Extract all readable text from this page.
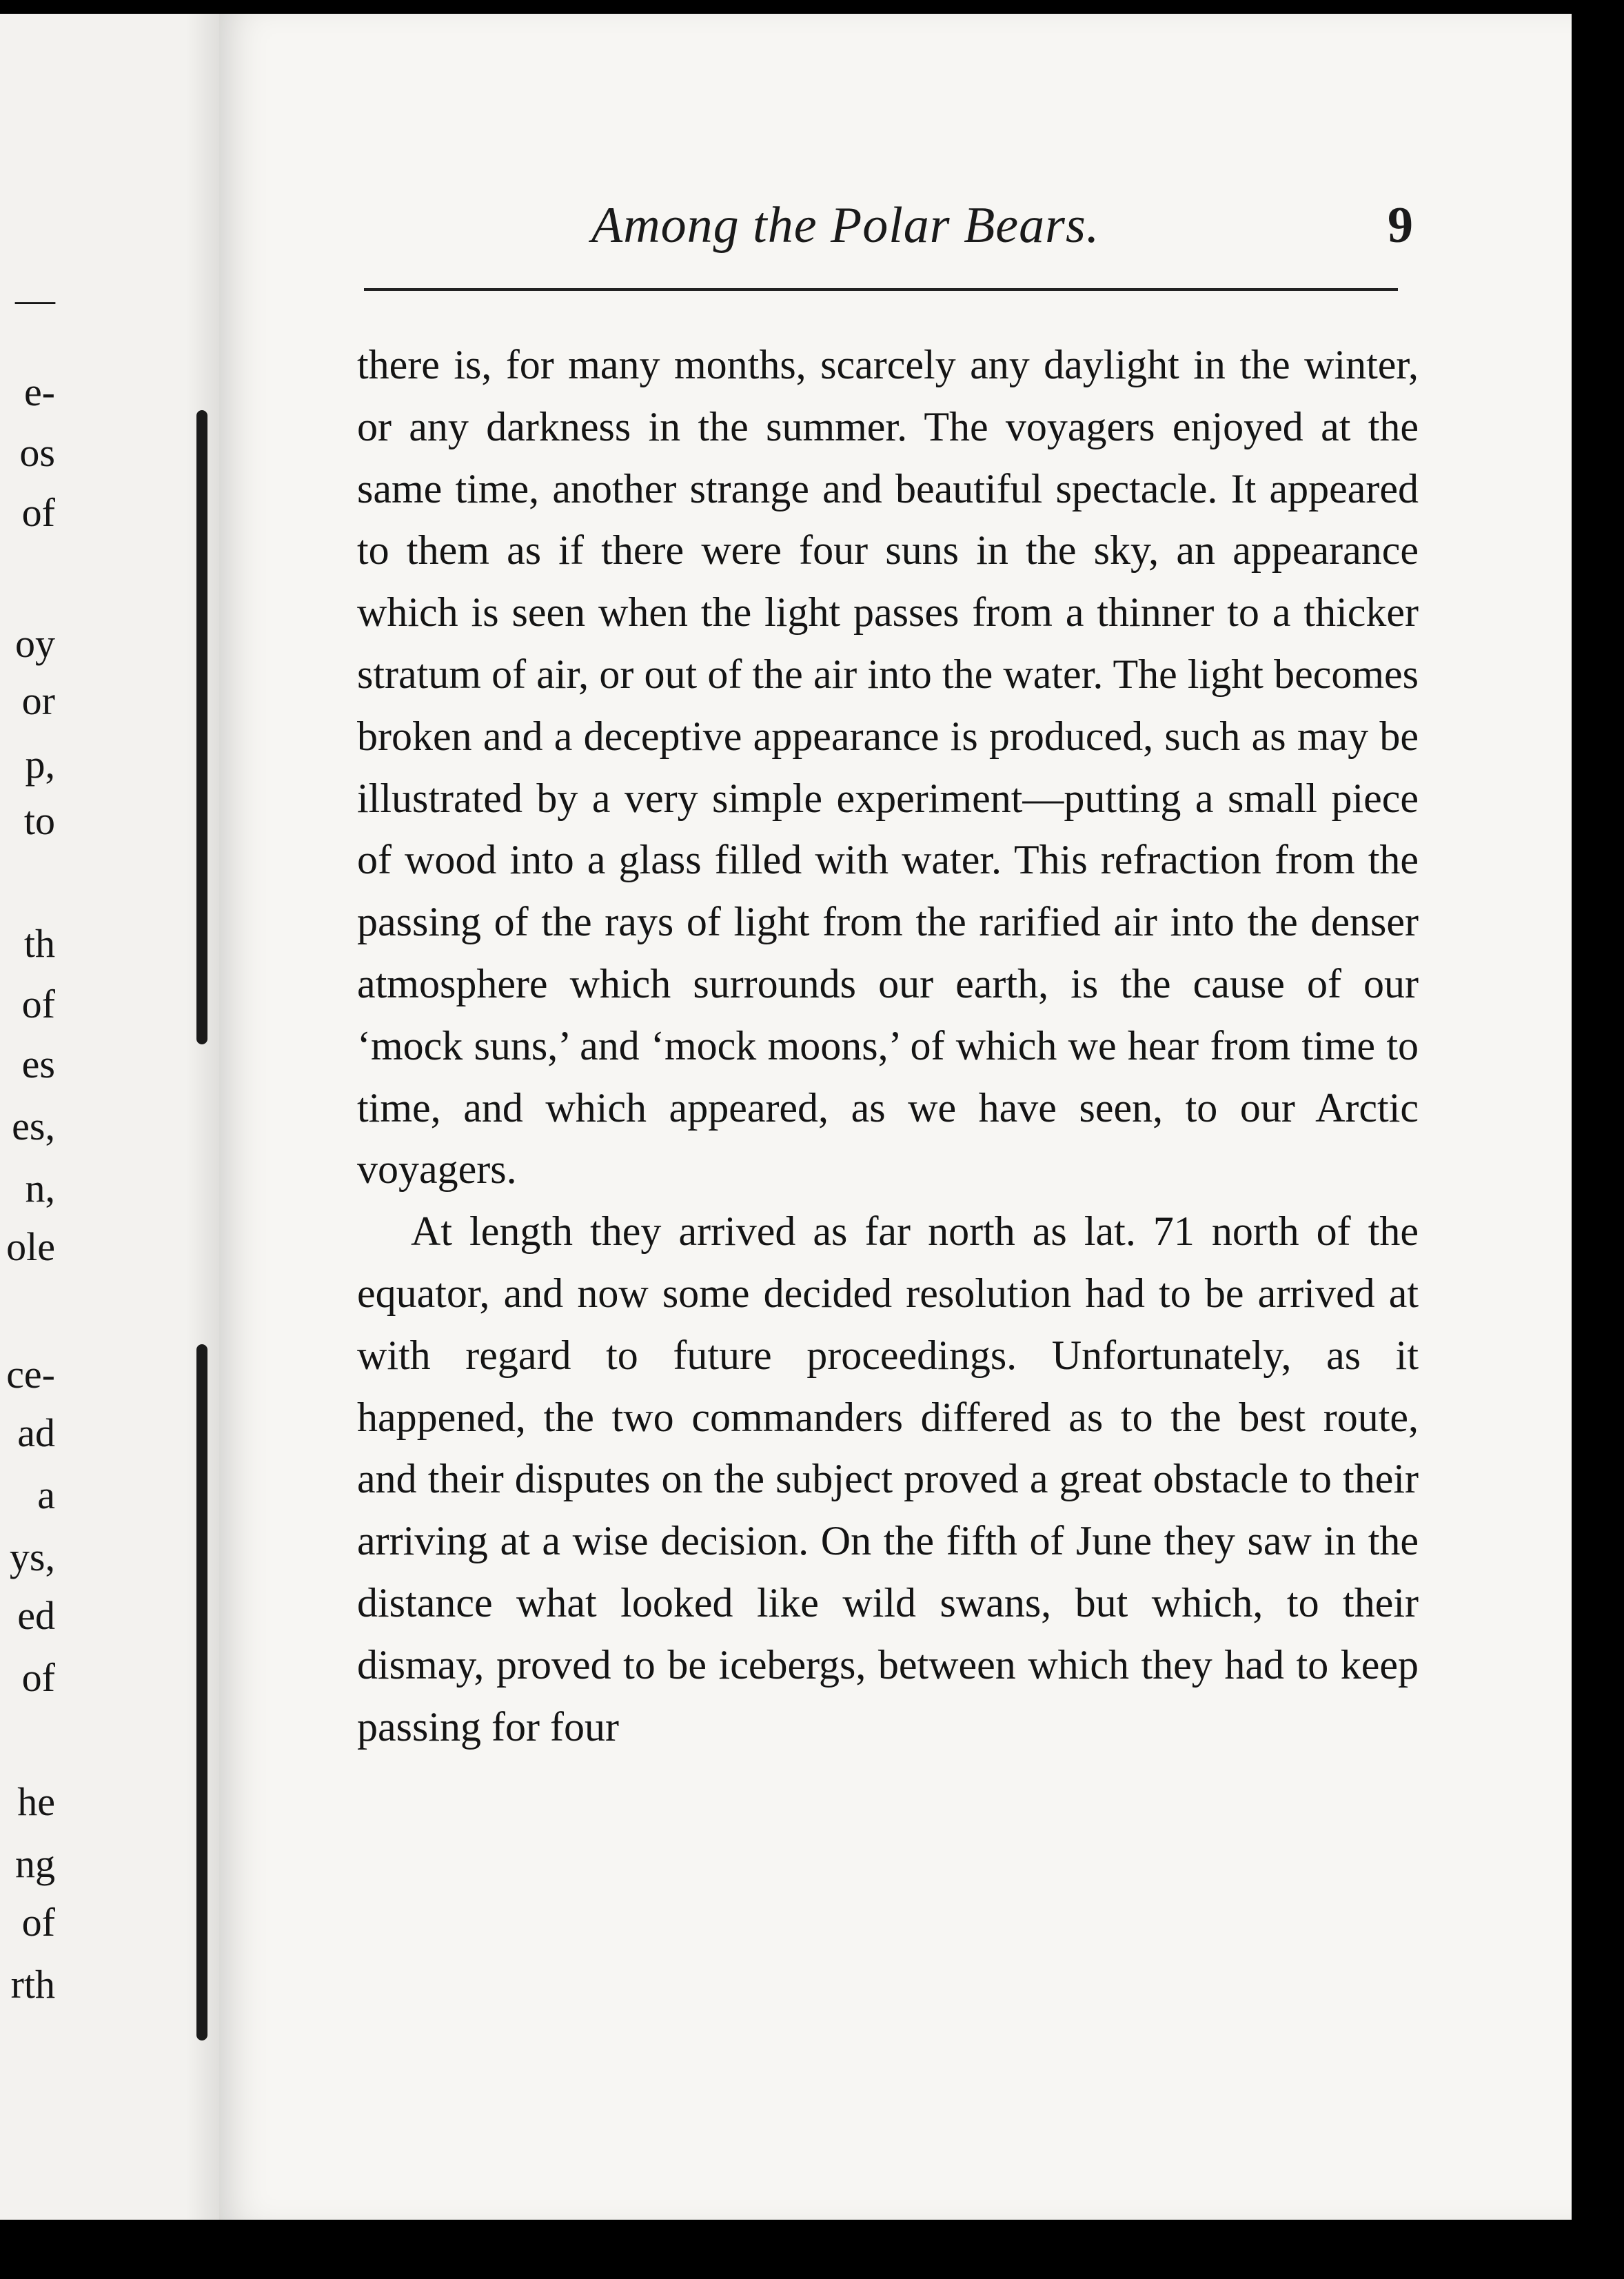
—
e-
os
of
oy
or
p,
to
th
of
es
es,
n,
ole
ce-
ad
a
ys,
ed
of
he
ng
of
rth
Among the Polar Bears.	9

there is, for many months, scarcely any daylight in the winter, or any darkness in the summer. The voyagers enjoyed at the same time, another strange and beautiful spectacle. It appeared to them as if there were four suns in the sky, an appearance which is seen when the light passes from a thinner to a thicker stratum of air, or out of the air into the water. The light becomes broken and a deceptive appearance is produced, such as may be illustrated by a very simple experiment—putting a small piece of wood into a glass filled with water. This refraction from the passing of the rays of light from the rarified air into the denser atmosphere which surrounds our earth, is the cause of our ‘mock suns,’ and ‘mock moons,’ of which we hear from time to time, and which appeared, as we have seen, to our Arctic voyagers.

At length they arrived as far north as lat. 71 north of the equator, and now some decided resolution had to be arrived at with regard to future proceedings. Unfortunately, as it happened, the two commanders differed as to the best route, and their disputes on the subject proved a great obstacle to their arriving at a wise decision. On the fifth of June they saw in the distance what looked like wild swans, but which, to their dismay, proved to be icebergs, between which they had to keep passing for four
